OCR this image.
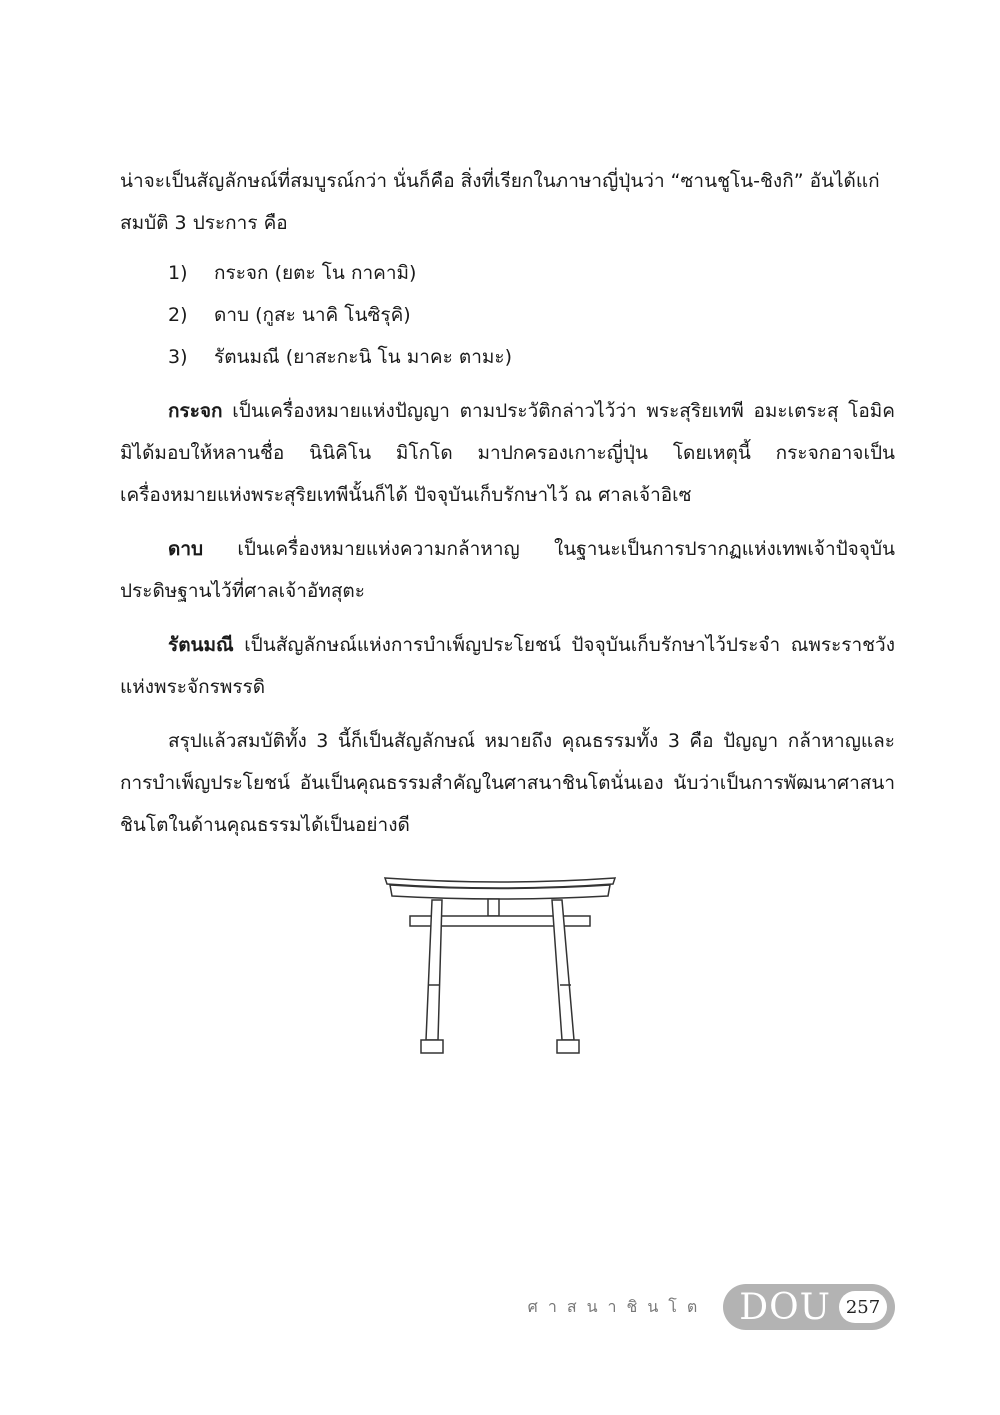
น่าจะเป็นสัญลักษณ์ที่สมบูรณ์กว่า นั่นก็คือ สิ่งที่เรียกในภาษาญี่ปุ่นว่า “ซานชูโน-ชิงกิ” อันได้แก่
สมบัติ 3 ประการ คือ

1)	กระจก (ยตะ โน กาคามิ)
2)	ดาบ (กูสะ นาคิ โนซิรุคิ)
3)	รัตนมณี (ยาสะกะนิ โน มาคะ ตามะ)

กระจก เป็นเครื่องหมายแห่งปัญญา ตามประวัติกล่าวไว้ว่า พระสุริยเทพี อมะเตระสุ โอมิคมิได้มอบให้หลานชื่อ นินิคิโน มิโกโด มาปกครองเกาะญี่ปุ่น โดยเหตุนี้ กระจกอาจเป็นเครื่องหมายแห่งพระสุริยเทพีนั้นก็ได้ ปัจจุบันเก็บรักษาไว้ ณ ศาลเจ้าอิเซ

ดาบ เป็นเครื่องหมายแห่งความกล้าหาญ ในฐานะเป็นการปรากฏแห่งเทพเจ้าปัจจุบันประดิษฐานไว้ที่ศาลเจ้าอัทสุตะ

รัตนมณี เป็นสัญลักษณ์แห่งการบำเพ็ญประโยชน์ ปัจจุบันเก็บรักษาไว้ประจำ ณพระราชวังแห่งพระจักรพรรดิ

สรุปแล้วสมบัติทั้ง 3 นี้ก็เป็นสัญลักษณ์ หมายถึง คุณธรรมทั้ง 3 คือ ปัญญา กล้าหาญและการบำเพ็ญประโยชน์ อันเป็นคุณธรรมสำคัญในศาสนาชินโตนั่นเอง นับว่าเป็นการพัฒนาศาสนาชินโตในด้านคุณธรรมได้เป็นอย่างดี

ศาสนาชินโต DOU 257
